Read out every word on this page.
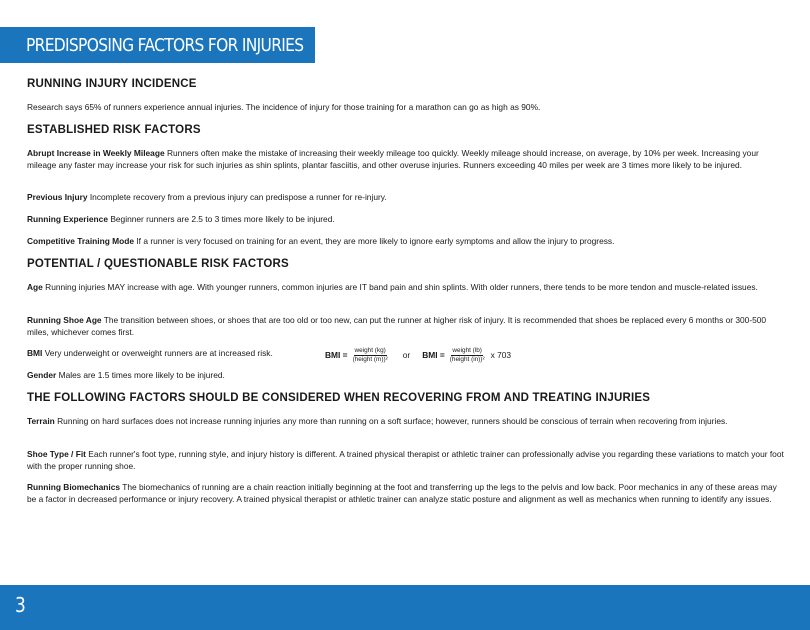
PREDISPOSING FACTORS FOR INJURIES
RUNNING INJURY INCIDENCE
Research says 65% of runners experience annual injuries. The incidence of injury for those training for a marathon can go as high as 90%.
ESTABLISHED RISK FACTORS
Abrupt Increase in Weekly Mileage Runners often make the mistake of increasing their weekly mileage too quickly. Weekly mileage should increase, on average, by 10% per week. Increasing your mileage any faster may increase your risk for such injuries as shin splints, plantar fasciitis, and other overuse injuries. Runners exceeding 40 miles per week are 3 times more likely to be injured.
Previous Injury Incomplete recovery from a previous injury can predispose a runner for re-injury.
Running Experience Beginner runners are 2.5 to 3 times more likely to be injured.
Competitive Training Mode If a runner is very focused on training for an event, they are more likely to ignore early symptoms and allow the injury to progress.
POTENTIAL / QUESTIONABLE RISK FACTORS
Age Running injuries MAY increase with age. With younger runners, common injuries are IT band pain and shin splints. With older runners, there tends to be more tendon and muscle-related issues.
Running Shoe Age The transition between shoes, or shoes that are too old or too new, can put the runner at higher risk of injury. It is recommended that shoes be replaced every 6 months or 300-500 miles, whichever comes first.
BMI Very underweight or overweight runners are at increased risk.	BMI = $\frac{\text{weight (kg)}}{\text{(height (m))²}}$ or BMI = $\frac{\text{weight (lb)}}{\text{(height (in))²}}$ x 703
Gender Males are 1.5 times more likely to be injured.
THE FOLLOWING FACTORS SHOULD BE CONSIDERED WHEN RECOVERING FROM AND TREATING INJURIES
Terrain Running on hard surfaces does not increase running injuries any more than running on a soft surface; however, runners should be conscious of terrain when recovering from injuries.
Shoe Type / Fit Each runner's foot type, running style, and injury history is different. A trained physical therapist or athletic trainer can professionally advise you regarding these variations to match your foot with the proper running shoe.
Running Biomechanics The biomechanics of running are a chain reaction initially beginning at the foot and transferring up the legs to the pelvis and low back. Poor mechanics in any of these areas may be a factor in decreased performance or injury recovery. A trained physical therapist or athletic trainer can analyze static posture and alignment as well as mechanics when running to identify any issues.
3
